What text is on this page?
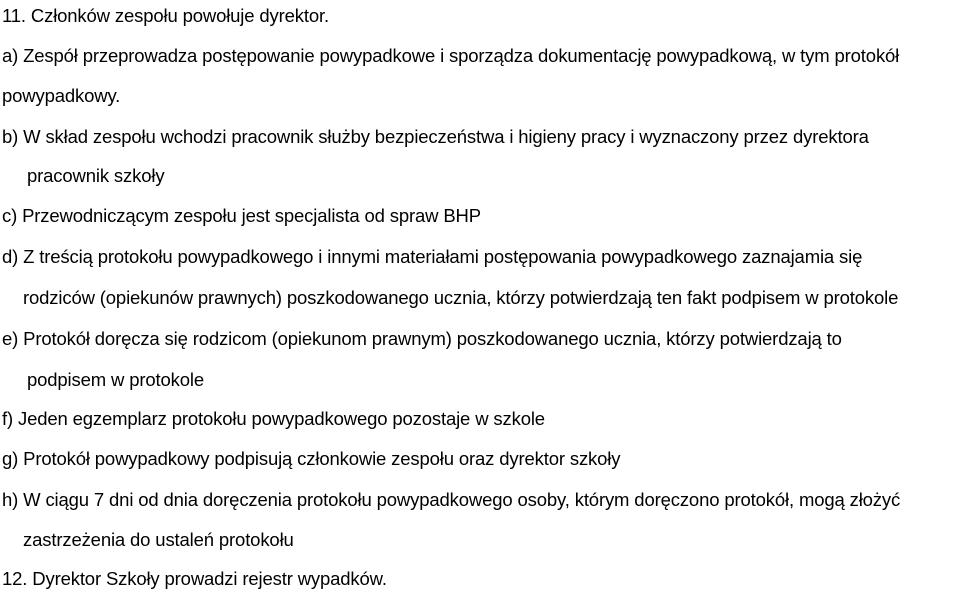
11. Członków zespołu powołuje dyrektor.
a) Zespół przeprowadza postępowanie powypadkowe i sporządza dokumentację powypadkową, w tym protokół
powypadkowy.
b) W skład zespołu wchodzi pracownik służby bezpieczeństwa i higieny pracy i wyznaczony przez dyrektora
pracownik szkoły
c) Przewodniczącym zespołu jest specjalista od spraw BHP
d) Z treścią protokołu powypadkowego i innymi materiałami postępowania powypadkowego zaznajamia się
rodziców (opiekunów prawnych) poszkodowanego ucznia, którzy potwierdzają ten fakt podpisem w protokole
e) Protokół doręcza się rodzicom (opiekunom prawnym) poszkodowanego ucznia, którzy potwierdzają to
podpisem w protokole
f) Jeden egzemplarz protokołu powypadkowego pozostaje w szkole
g) Protokół powypadkowy podpisują członkowie zespołu oraz dyrektor szkoły
h) W ciągu 7 dni od dnia doręczenia protokołu powypadkowego osoby, którym doręczono protokół, mogą złożyć
zastrzeżenia do ustaleń protokołu
12. Dyrektor Szkoły prowadzi rejestr wypadków.
